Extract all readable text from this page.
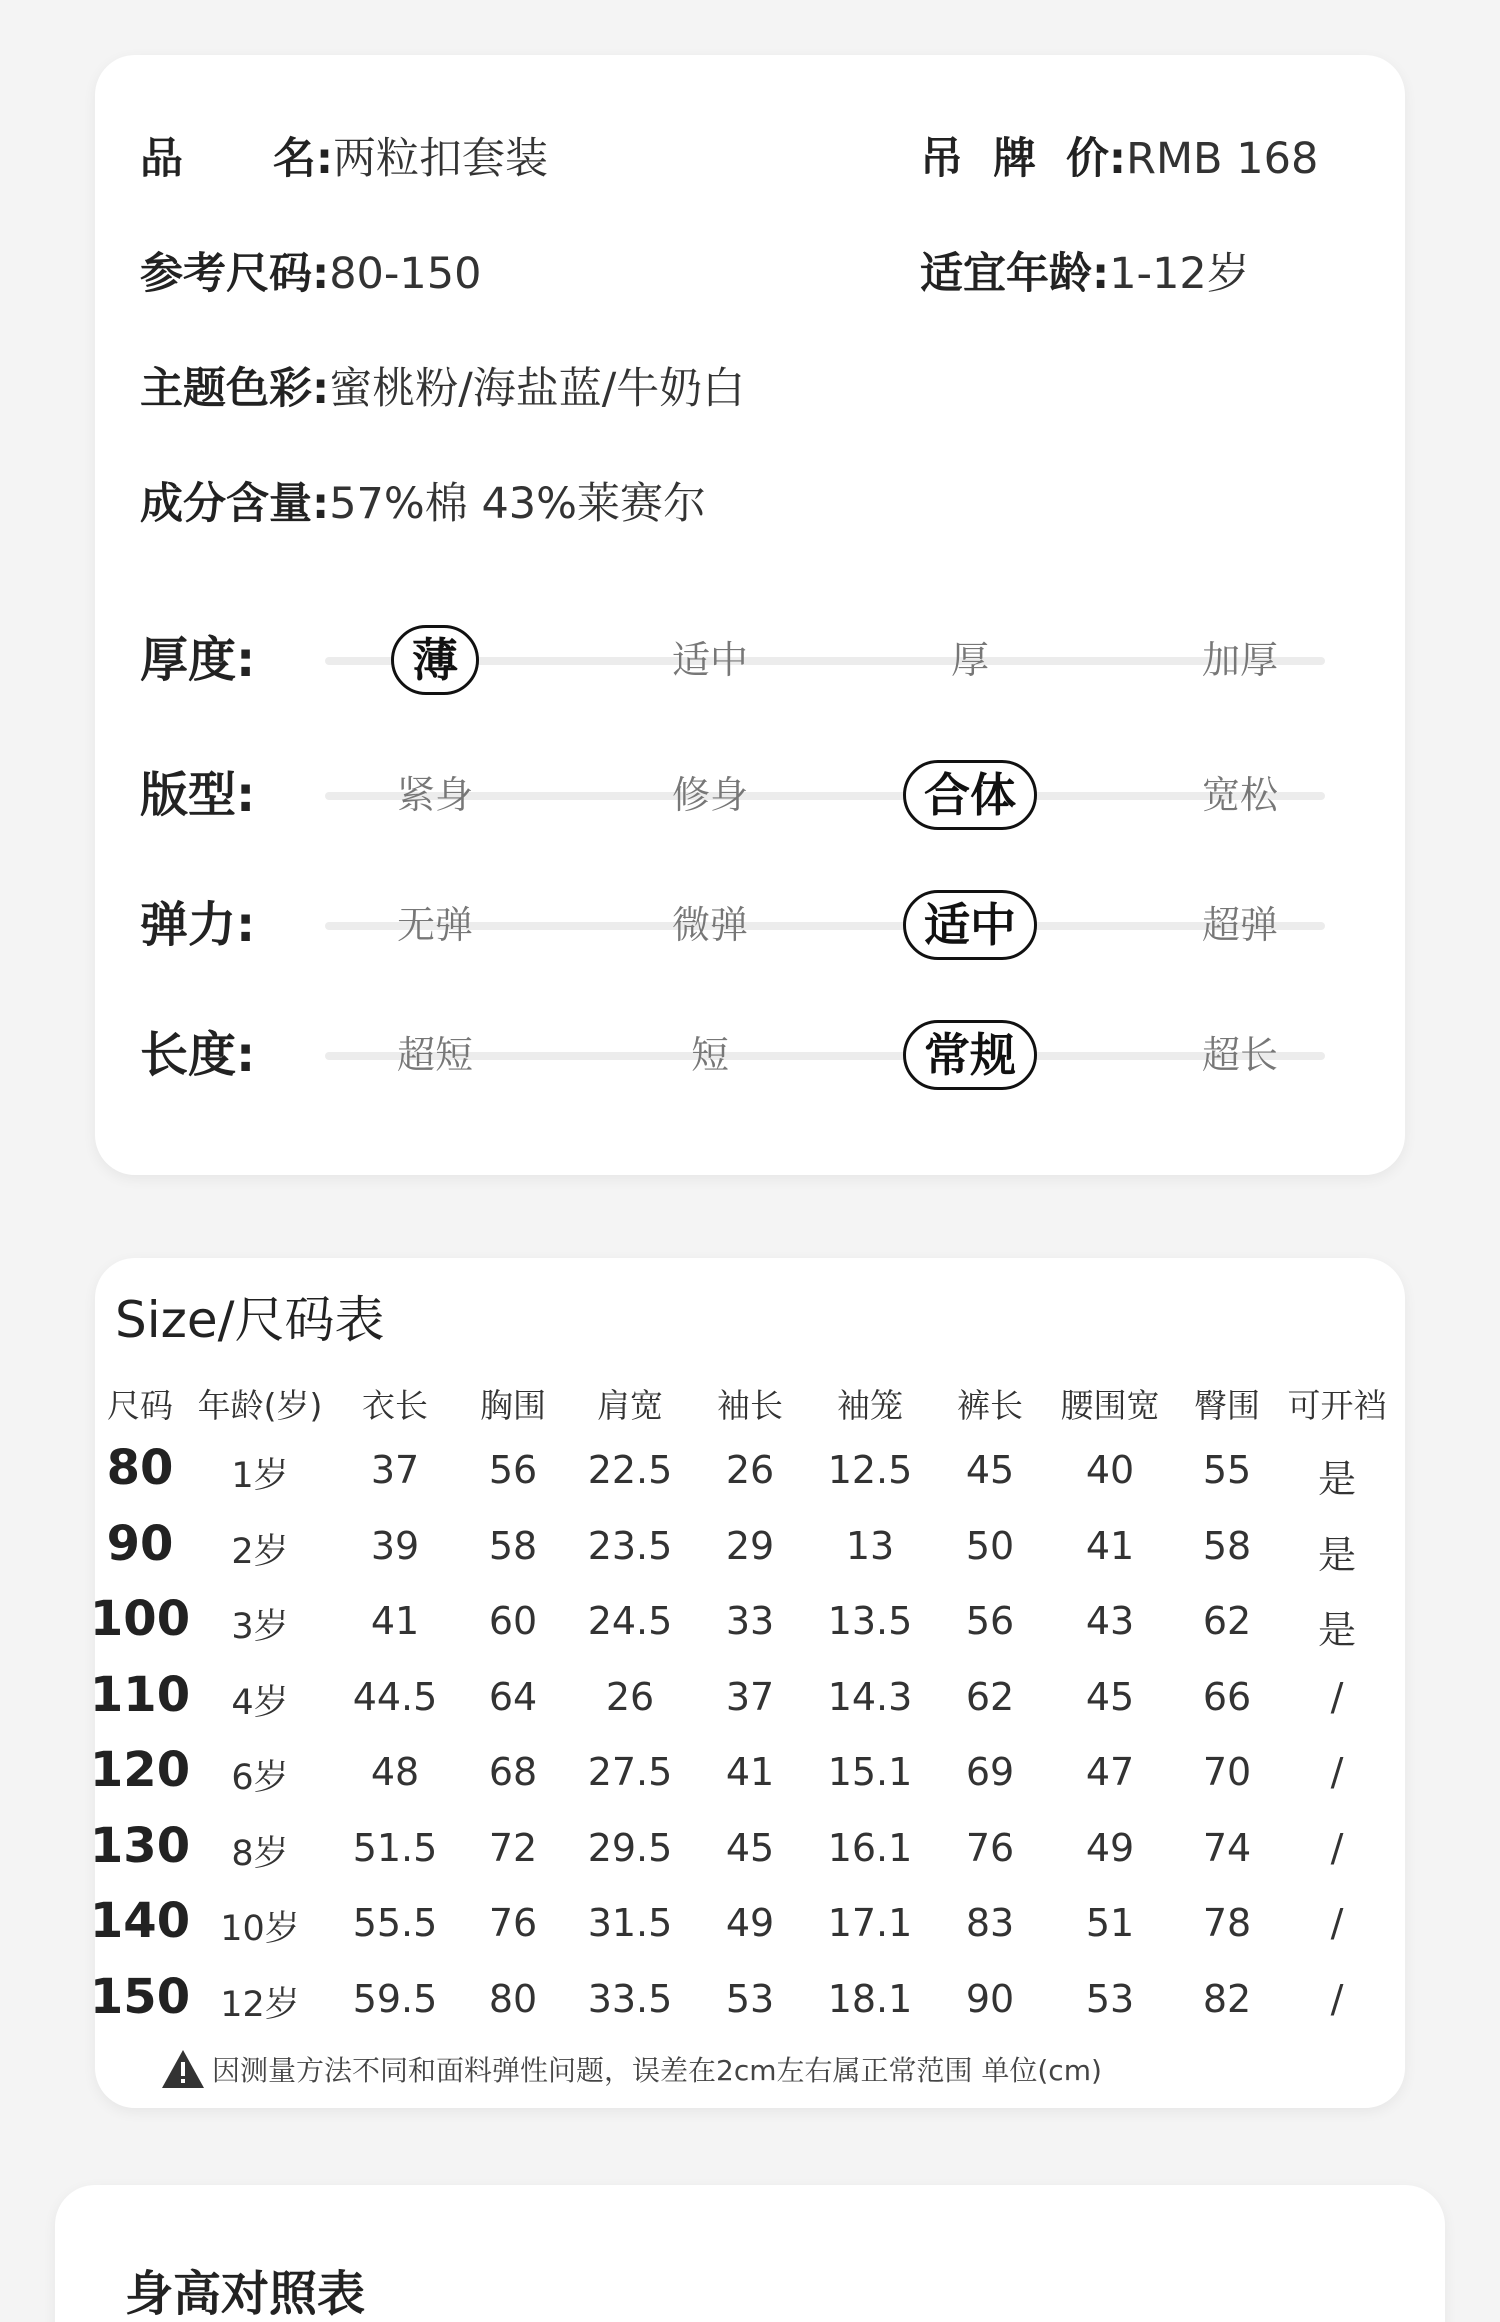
品      名:两粒扣套装	吊  牌  价:RMB 168
参考尺码:80-150	适宜年龄:1-12岁
主题色彩:蜜桃粉/海盐蓝/牛奶白
成分含量:57%棉 43%莱赛尔
厚度:	薄	适中	厚	加厚
版型:	紧身	修身	合体	宽松
弹力:	无弹	微弹	适中	超弹
长度:	超短	短	常规	超长
Size/尺码表
尺码 年龄(岁) 衣长 胸围 肩宽 袖长 袖笼 裤长 腰围宽 臀围 可开裆
80 1岁 37 56 22.5 26 12.5 45 40 55 是
90 2岁 39 58 23.5 29 13 50 41 58 是
100 3岁 41 60 24.5 33 13.5 56 43 62 是
110 4岁 44.5 64 26 37 14.3 62 45 66 /
120 6岁 48 68 27.5 41 15.1 69 47 70 /
130 8岁 51.5 72 29.5 45 16.1 76 49 74 /
140 10岁 55.5 76 31.5 49 17.1 83 51 78 /
150 12岁 59.5 80 33.5 53 18.1 90 53 82 /
因测量方法不同和面料弹性问题，误差在2cm左右属正常范围 单位(cm)
身高对照表
